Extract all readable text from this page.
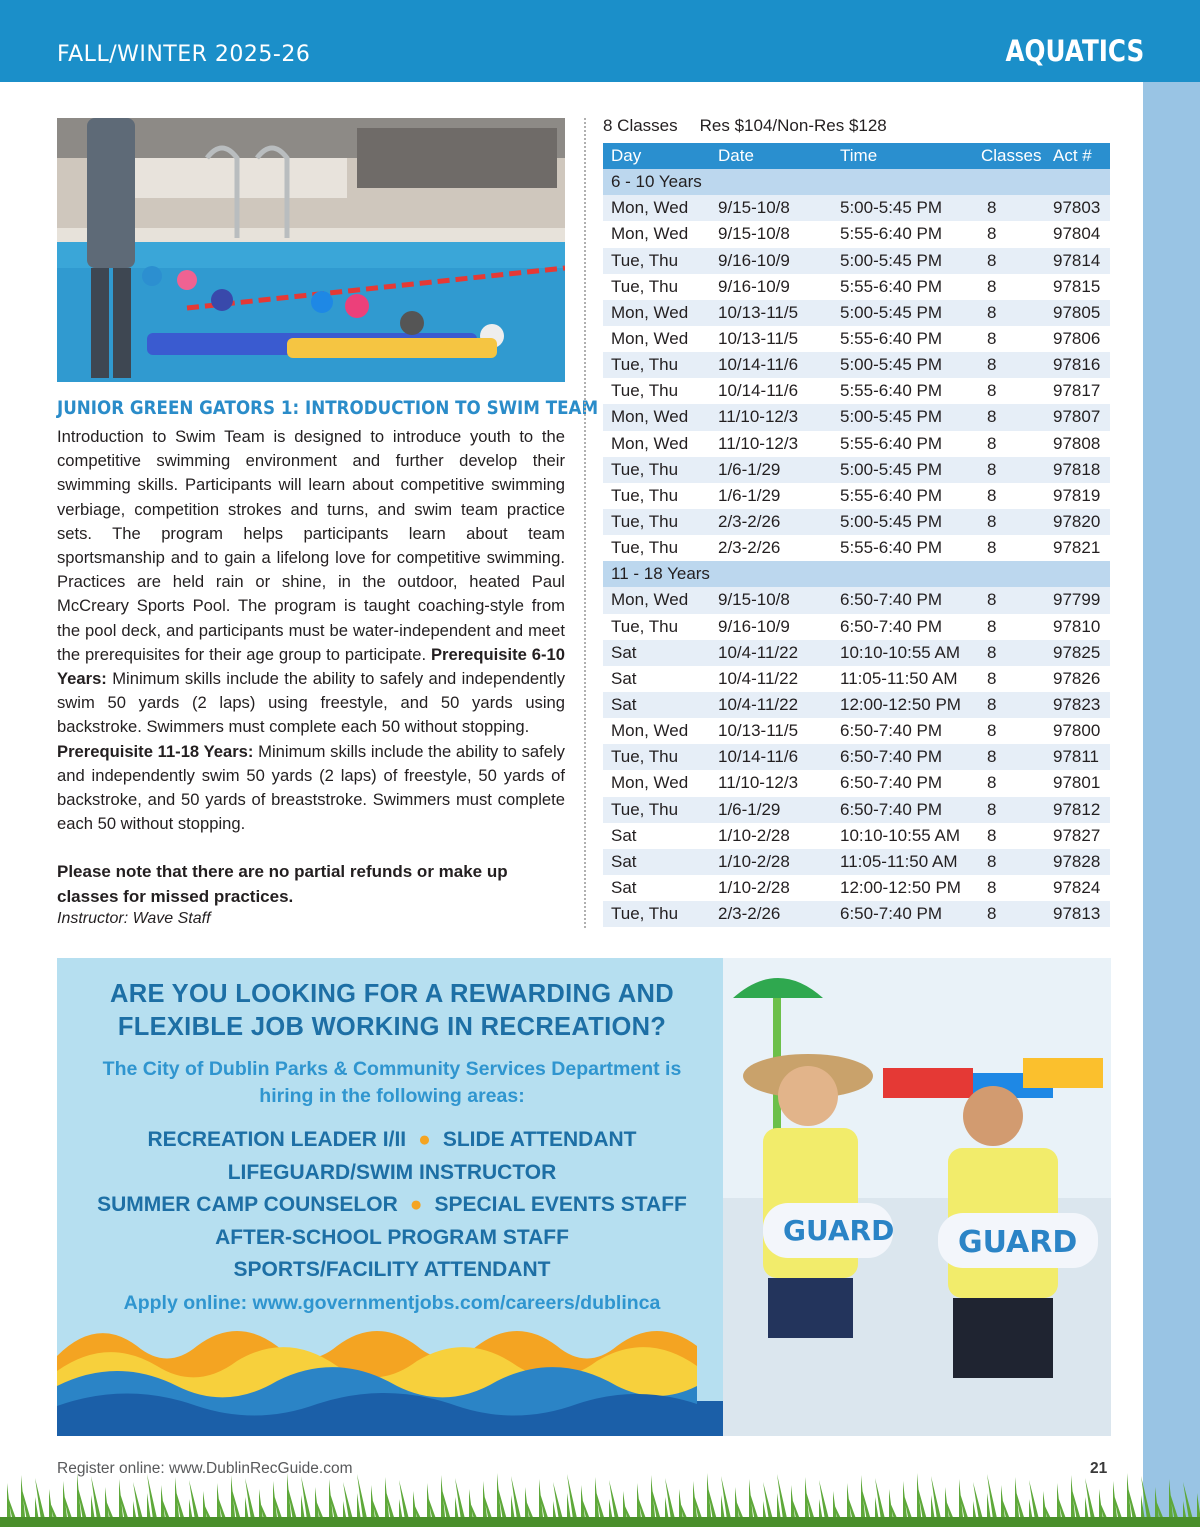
FALL/WINTER 2025-26	AQUATICS
JUNIOR GREEN GATORS 1: INTRODUCTION TO SWIM TEAM
Introduction to Swim Team is designed to introduce youth to the competitive swimming environment and further develop their swimming skills. Participants will learn about competitive swimming verbiage, competition strokes and turns, and swim team practice sets. The program helps participants learn about team sportsmanship and to gain a lifelong love for competitive swimming. Practices are held rain or shine, in the outdoor, heated Paul McCreary Sports Pool. The program is taught coaching-style from the pool deck, and participants must be water-independent and meet the prerequisites for their age group to participate. Prerequisite 6-10 Years: Minimum skills include the ability to safely and independently swim 50 yards (2 laps) using freestyle, and 50 yards using backstroke. Swimmers must complete each 50 without stopping.
Prerequisite 11-18 Years: Minimum skills include the ability to safely and independently swim 50 yards (2 laps) of freestyle, 50 yards of backstroke, and 50 yards of breaststroke. Swimmers must complete each 50 without stopping.
Please note that there are no partial refunds or make up classes for missed practices.
Instructor: Wave Staff
8 Classes Res $104/Non-Res $128
Day	Date	Time	Classes Act #
6 - 10 Years
Mon, Wed 9/15-10/8	5:00-5:45 PM	8	97803
Mon, Wed 9/15-10/8	5:55-6:40 PM	8	97804
Tue, Thu 9/16-10/9	5:00-5:45 PM	8	97814
Tue, Thu 9/16-10/9	5:55-6:40 PM	8	97815
Mon, Wed 10/13-11/5 5:00-5:45 PM	8	97805
Mon, Wed 10/13-11/5 5:55-6:40 PM	8	97806
Tue, Thu 10/14-11/6 5:00-5:45 PM	8	97816
Tue, Thu 10/14-11/6 5:55-6:40 PM	8	97817
Mon, Wed 11/10-12/3 5:00-5:45 PM	8	97807
Mon, Wed 11/10-12/3 5:55-6:40 PM	8	97808
Tue, Thu 1/6-1/29	5:00-5:45 PM	8	97818
Tue, Thu 1/6-1/29	5:55-6:40 PM	8	97819
Tue, Thu 2/3-2/26	5:00-5:45 PM	8	97820
Tue, Thu 2/3-2/26	5:55-6:40 PM	8	97821
11 - 18 Years
Mon, Wed 9/15-10/8	6:50-7:40 PM	8	97799
Tue, Thu 9/16-10/9	6:50-7:40 PM	8	97810
Sat	10/4-11/22 10:10-10:55 AM 8	97825
Sat	10/4-11/22 11:05-11:50 AM 8	97826
Sat	10/4-11/22 12:00-12:50 PM 8	97823
Mon, Wed 10/13-11/5 6:50-7:40 PM	8	97800
Tue, Thu 10/14-11/6 6:50-7:40 PM	8	97811
Mon, Wed 11/10-12/3 6:50-7:40 PM	8	97801
Tue, Thu 1/6-1/29	6:50-7:40 PM	8	97812
Sat	1/10-2/28	10:10-10:55 AM 8	97827
Sat	1/10-2/28	11:05-11:50 AM 8	97828
Sat	1/10-2/28	12:00-12:50 PM 8	97824
Tue, Thu 2/3-2/26	6:50-7:40 PM	8	97813
ARE YOU LOOKING FOR A REWARDING AND
FLEXIBLE JOB WORKING IN RECREATION?
The City of Dublin Parks & Community Services Department is
hiring in the following areas:
RECREATION LEADER I/II ● SLIDE ATTENDANT
LIFEGUARD/SWIM INSTRUCTOR
SUMMER CAMP COUNSELOR ● SPECIAL EVENTS STAFF
AFTER-SCHOOL PROGRAM STAFF
SPORTS/FACILITY ATTENDANT
Apply online: www.governmentjobs.com/careers/dublinca
GUARD GUARD
Register online: www.DublinRecGuide.com	21
